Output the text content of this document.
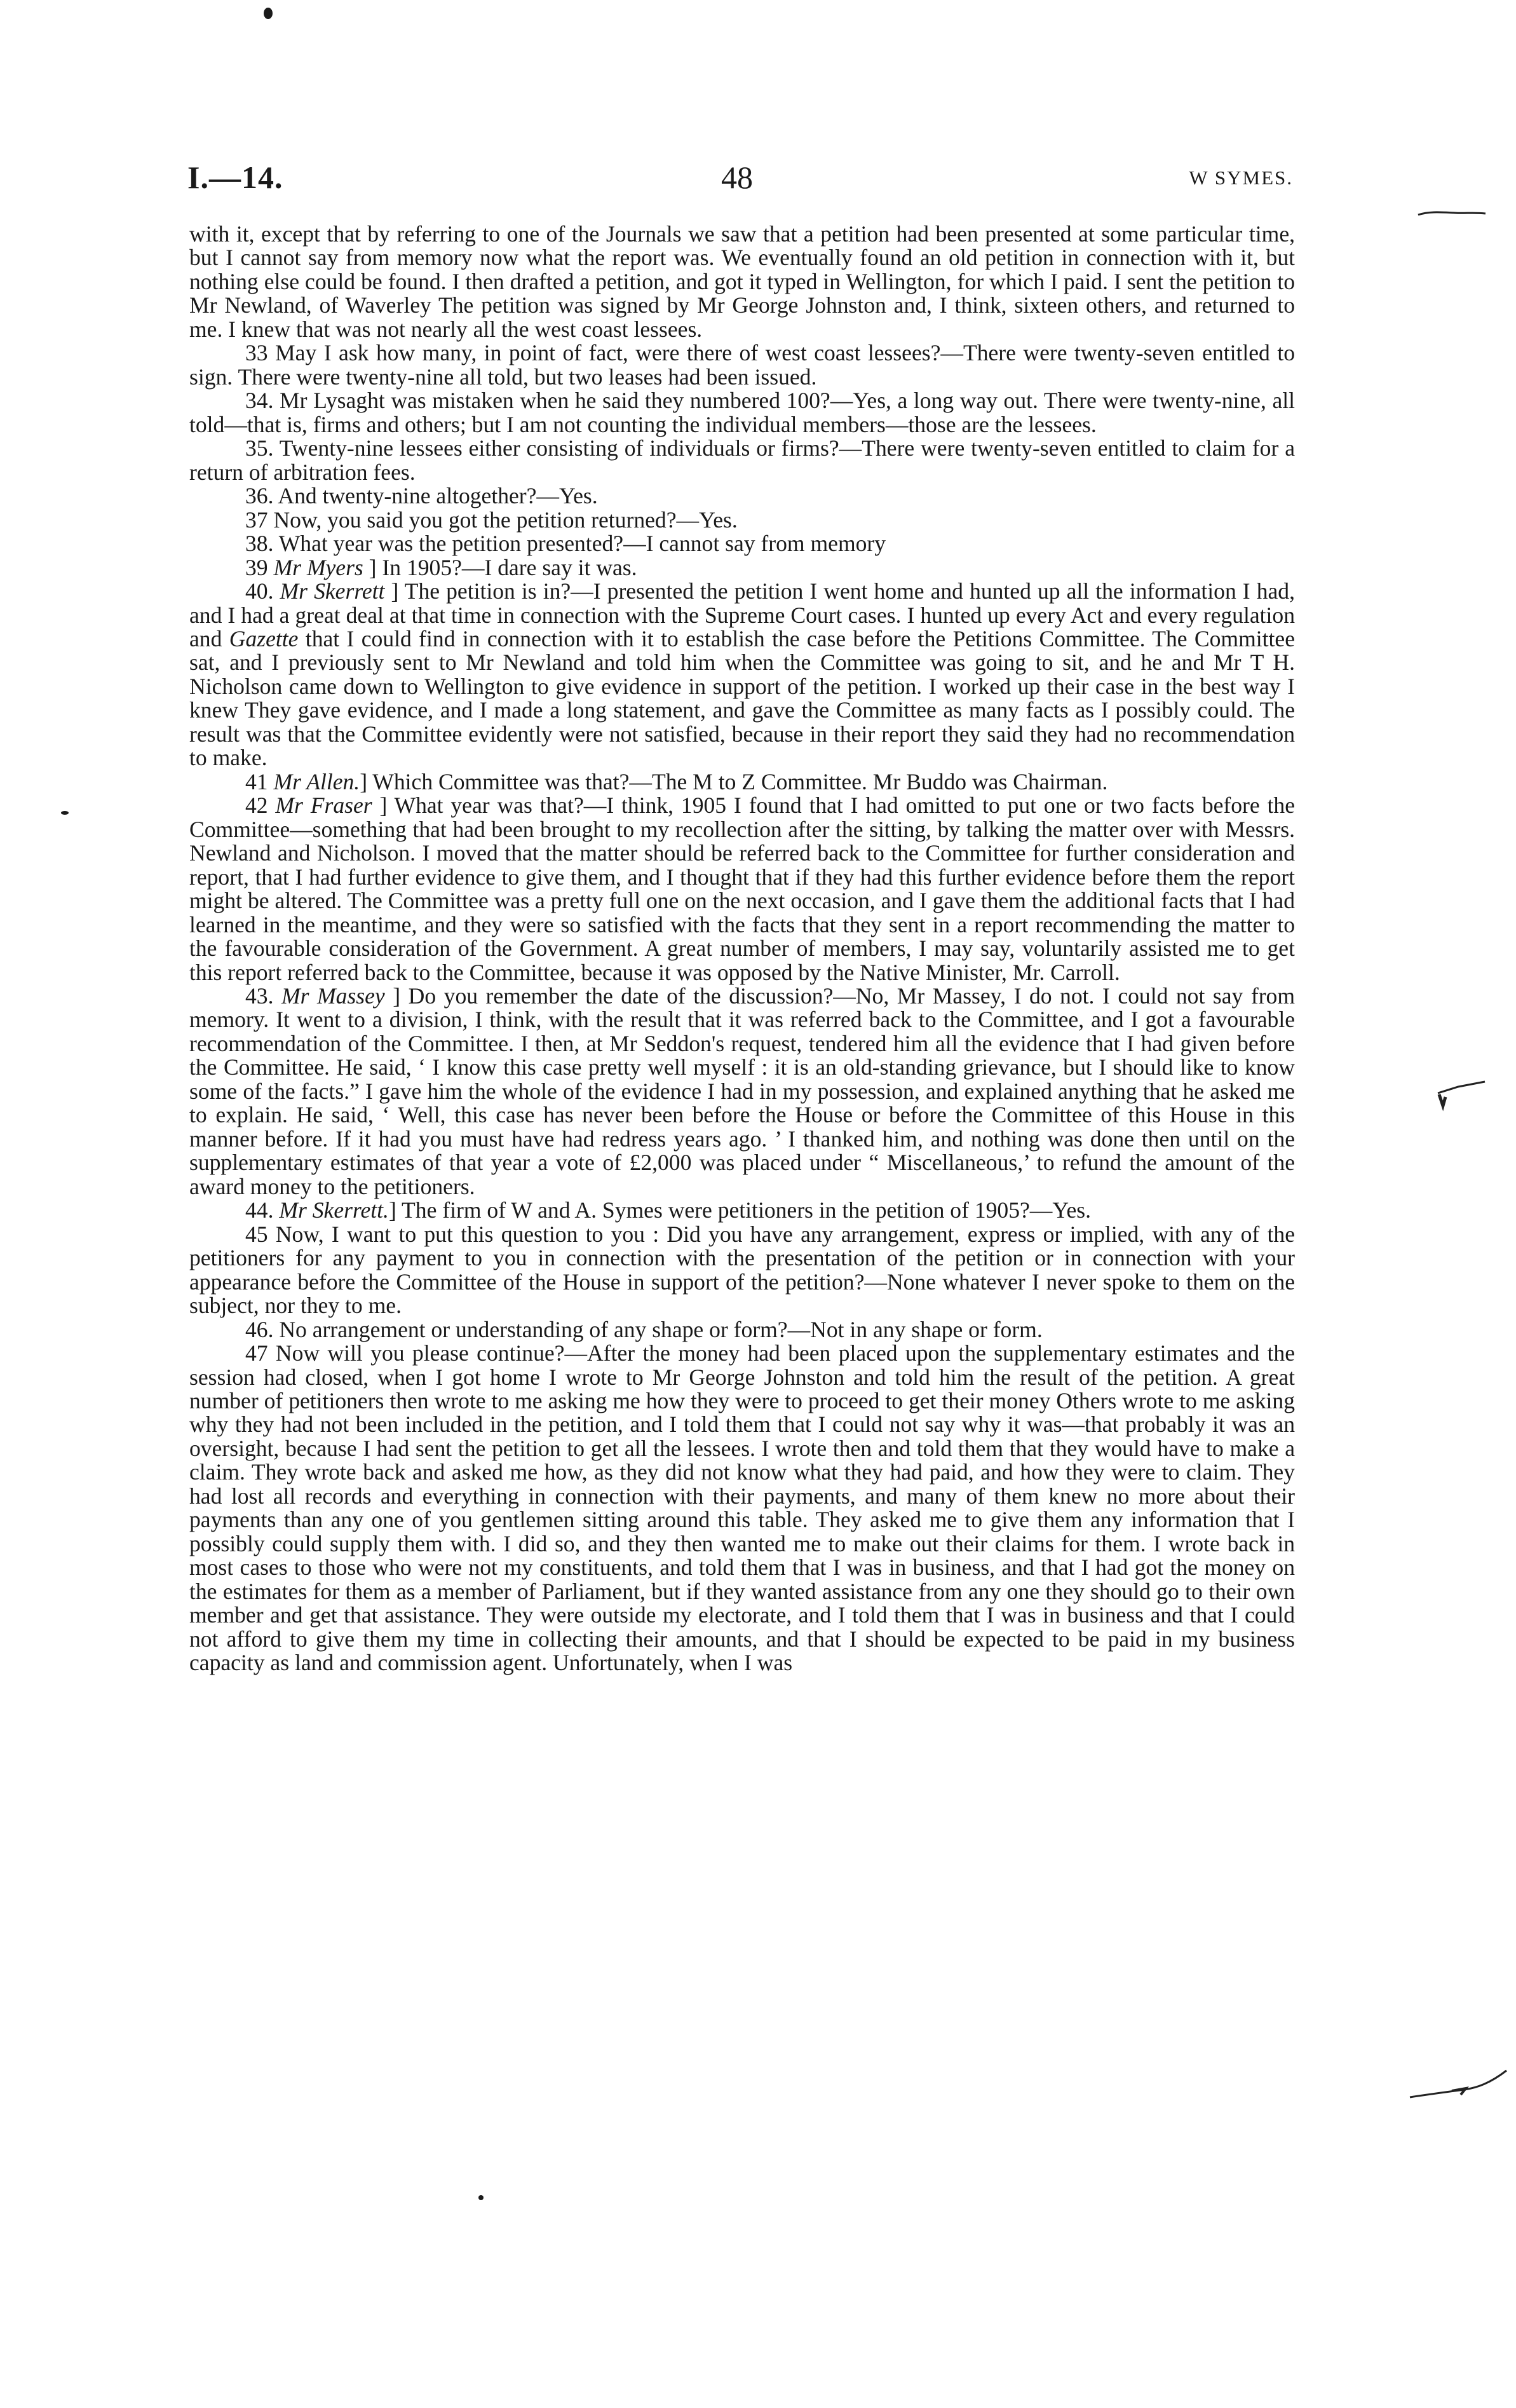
I.—14.	48	W SYMES.

with it, except that by referring to one of the Journals we saw that a petition had been presented at some particular time, but I cannot say from memory now what the report was. We eventually found an old petition in connection with it, but nothing else could be found. I then drafted a petition, and got it typed in Wellington, for which I paid. I sent the petition to Mr Newland, of Waverley The petition was signed by Mr George Johnston and, I think, sixteen others, and returned to me. I knew that was not nearly all the west coast lessees.

33 May I ask how many, in point of fact, were there of west coast lessees?—There were twenty-seven entitled to sign. There were twenty-nine all told, but two leases had been issued.

34. Mr Lysaght was mistaken when he said they numbered 100?—Yes, a long way out. There were twenty-nine, all told—that is, firms and others; but I am not counting the individual members—those are the lessees.

35. Twenty-nine lessees either consisting of individuals or firms?—There were twenty-seven entitled to claim for a return of arbitration fees.

36. And twenty-nine altogether?—Yes.

37 Now, you said you got the petition returned?—Yes.

38. What year was the petition presented?—I cannot say from memory

39 Mr Myers ] In 1905?—I dare say it was.

40. Mr Skerrett ] The petition is in?—I presented the petition I went home and hunted up all the information I had, and I had a great deal at that time in connection with the Supreme Court cases. I hunted up every Act and every regulation and Gazette that I could find in connection with it to establish the case before the Petitions Committee. The Committee sat, and I previously sent to Mr Newland and told him when the Committee was going to sit, and he and Mr T H. Nicholson came down to Wellington to give evidence in support of the petition. I worked up their case in the best way I knew They gave evidence, and I made a long statement, and gave the Committee as many facts as I possibly could. The result was that the Committee evidently were not satisfied, because in their report they said they had no recommendation to make.

41 Mr Allen.] Which Committee was that?—The M to Z Committee. Mr Buddo was Chairman.

42 Mr Fraser ] What year was that?—I think, 1905 I found that I had omitted to put one or two facts before the Committee—something that had been brought to my recollection after the sitting, by talking the matter over with Messrs. Newland and Nicholson. I moved that the matter should be referred back to the Committee for further consideration and report, that I had further evidence to give them, and I thought that if they had this further evidence before them the report might be altered. The Committee was a pretty full one on the next occasion, and I gave them the additional facts that I had learned in the meantime, and they were so satisfied with the facts that they sent in a report recommending the matter to the favourable consideration of the Government. A great number of members, I may say, voluntarily assisted me to get this report referred back to the Committee, because it was opposed by the Native Minister, Mr. Carroll.

43. Mr Massey ] Do you remember the date of the discussion?—No, Mr Massey, I do not. I could not say from memory. It went to a division, I think, with the result that it was referred back to the Committee, and I got a favourable recommendation of the Committee. I then, at Mr Seddon's request, tendered him all the evidence that I had given before the Committee. He said, ‘ I know this case pretty well myself : it is an old-standing grievance, but I should like to know some of the facts.” I gave him the whole of the evidence I had in my possession, and explained anything that he asked me to explain. He said, ‘ Well, this case has never been before the House or before the Committee of this House in this manner before. If it had you must have had redress years ago. ’ I thanked him, and nothing was done then until on the supplementary estimates of that year a vote of £2,000 was placed under “ Miscellaneous,’ to refund the amount of the award money to the petitioners.

44. Mr Skerrett.] The firm of W and A. Symes were petitioners in the petition of 1905?—Yes.

45 Now, I want to put this question to you : Did you have any arrangement, express or implied, with any of the petitioners for any payment to you in connection with the presentation of the petition or in connection with your appearance before the Committee of the House in support of the petition?—None whatever I never spoke to them on the subject, nor they to me.

46. No arrangement or understanding of any shape or form?—Not in any shape or form.

47 Now will you please continue?—After the money had been placed upon the supplementary estimates and the session had closed, when I got home I wrote to Mr George Johnston and told him the result of the petition. A great number of petitioners then wrote to me asking me how they were to proceed to get their money Others wrote to me asking why they had not been included in the petition, and I told them that I could not say why it was—that probably it was an oversight, because I had sent the petition to get all the lessees. I wrote then and told them that they would have to make a claim. They wrote back and asked me how, as they did not know what they had paid, and how they were to claim. They had lost all records and everything in connection with their payments, and many of them knew no more about their payments than any one of you gentlemen sitting around this table. They asked me to give them any information that I possibly could supply them with. I did so, and they then wanted me to make out their claims for them. I wrote back in most cases to those who were not my constituents, and told them that I was in business, and that I had got the money on the estimates for them as a member of Parliament, but if they wanted assistance from any one they should go to their own member and get that assistance. They were outside my electorate, and I told them that I was in business and that I could not afford to give them my time in collecting their amounts, and that I should be expected to be paid in my business capacity as land and commission agent. Unfortunately, when I was
